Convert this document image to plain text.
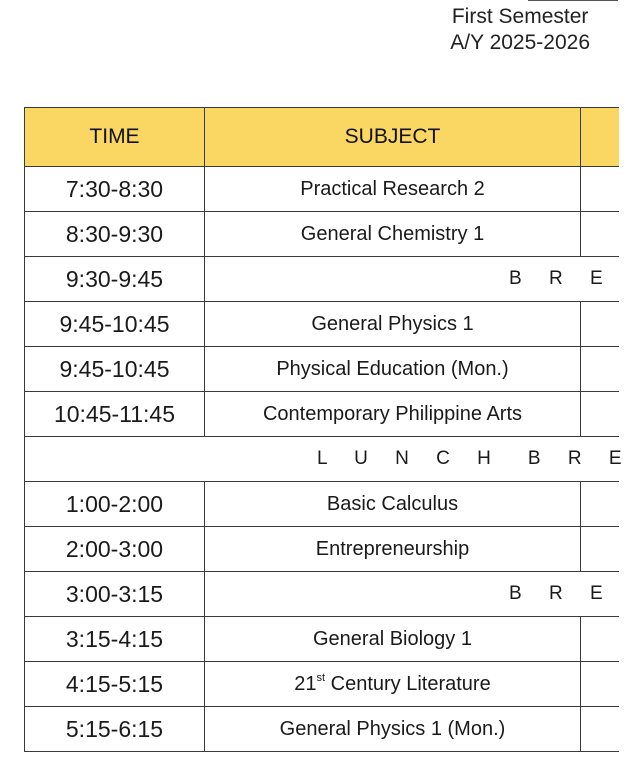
First Semester
A/Y 2025-2026
TIME	SUBJECT	
7:30-8:30	Practical Research 2	
8:30-9:30	General Chemistry 1	
9:30-9:45	B R E	
9:45-10:45	General Physics 1	
9:45-10:45	Physical Education (Mon.)	
10:45-11:45	Contemporary Philippine Arts	
L U N C H B R E		
1:00-2:00	Basic Calculus	
2:00-3:00	Entrepreneurship	
3:00-3:15	B R E	
3:15-4:15	General Biology 1	
4:15-5:15	21st Century Literature	
5:15-6:15	General Physics 1 (Mon.)	
